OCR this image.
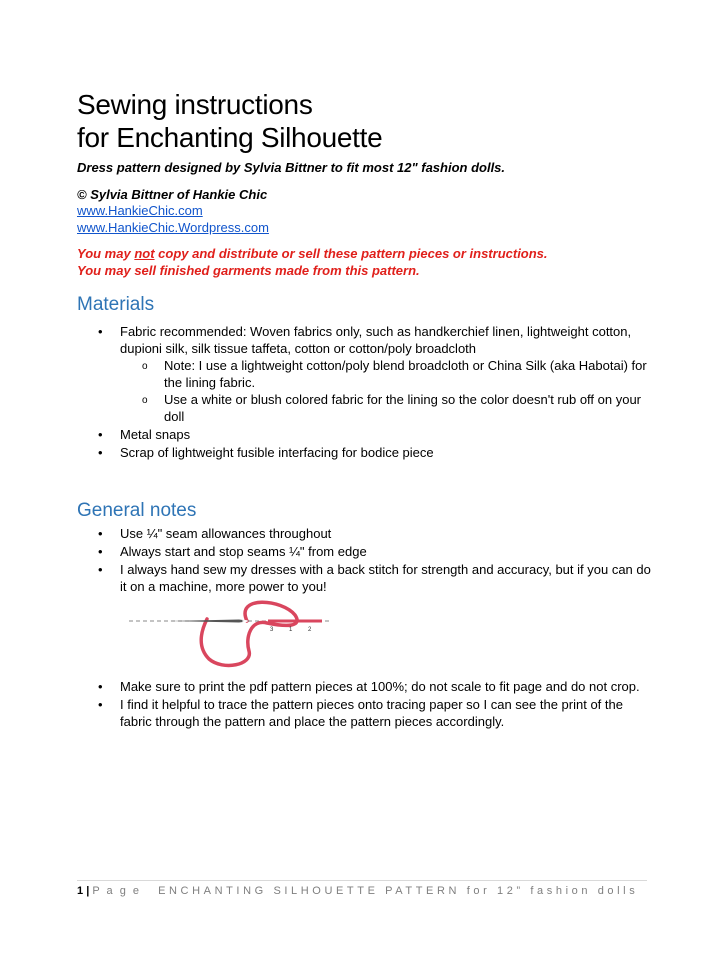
Sewing instructions
for Enchanting Silhouette
Dress pattern designed by Sylvia Bittner to fit most 12" fashion dolls.
© Sylvia Bittner of Hankie Chic
www.HankieChic.com
www.HankieChic.Wordpress.com
You may not copy and distribute or sell these pattern pieces or instructions.
You may sell finished garments made from this pattern.
Materials
• Fabric recommended: Woven fabrics only, such as handkerchief linen, lightweight cotton, dupioni silk, silk tissue taffeta, cotton or cotton/poly broadcloth
o Note: I use a lightweight cotton/poly blend broadcloth or China Silk (aka Habotai) for the lining fabric.
o Use a white or blush colored fabric for the lining so the color doesn't rub off on your doll
• Metal snaps
• Scrap of lightweight fusible interfacing for bodice piece
General notes
• Use ¼" seam allowances throughout
• Always start and stop seams ¼" from edge
• I always hand sew my dresses with a back stitch for strength and accuracy, but if you can do it on a machine, more power to you!
3	1	2
• Make sure to print the pdf pattern pieces at 100%; do not scale to fit page and do not crop.
• I find it helpful to trace the pattern pieces onto tracing paper so I can see the print of the fabric through the pattern and place the pattern pieces accordingly.
1 | P a g e ENCHANTING SILHOUETTE PATTERN for 12” fashion dolls
